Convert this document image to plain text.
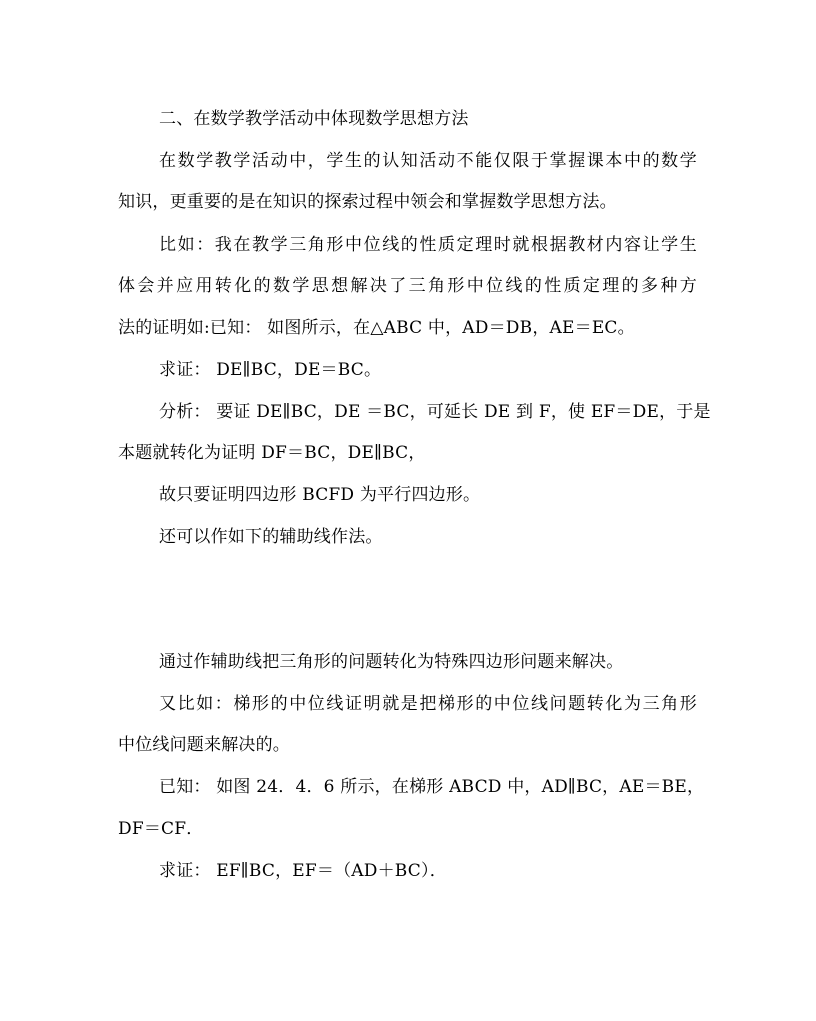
二、在数学教学活动中体现数学思想方法
在数学教学活动中，学生的认知活动不能仅限于掌握课本中的数学
知识，更重要的是在知识的探索过程中领会和掌握数学思想方法。
比如：我在教学三角形中位线的性质定理时就根据教材内容让学生
体会并应用转化的数学思想解决了三角形中位线的性质定理的多种方
法的证明如:已知： 如图所示，在△ABC 中，AD＝DB，AE＝EC。
求证： DE∥BC，DE＝BC。
分析： 要证 DE∥BC，DE ＝BC，可延长 DE 到 F，使 EF＝DE，于是
本题就转化为证明 DF＝BC，DE∥BC，
故只要证明四边形 BCFD 为平行四边形。
还可以作如下的辅助线作法。
通过作辅助线把三角形的问题转化为特殊四边形问题来解决。
又比如：梯形的中位线证明就是把梯形的中位线问题转化为三角形
中位线问题来解决的。
已知： 如图 24．4．6 所示，在梯形 ABCD 中，AD∥BC，AE＝BE，
DF＝CF．
求证： EF∥BC，EF＝（AD＋BC）．
